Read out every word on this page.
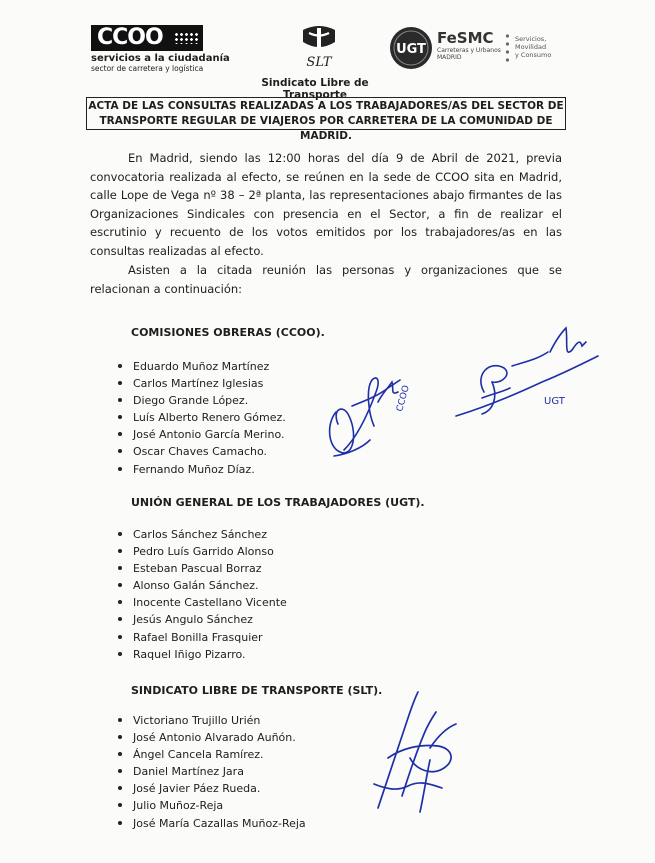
CCOO
servicios a la ciudadanía
sector de carretera y logística	SLT
Sindicato Libre de Transporte
UGT
FeSMC
Carreteras y Urbanos
MADRID
Servicios,
Movilidad
y Consumo
ACTA DE LAS CONSULTAS REALIZADAS A LOS TRABAJADORES/AS DEL SECTOR DE
TRANSPORTE REGULAR DE VIAJEROS POR CARRETERA DE LA COMUNIDAD DE MADRID.
En Madrid, siendo las 12:00 horas del día 9 de Abril de 2021, previa convocatoria realizada al efecto, se reúnen en la sede de CCOO sita en Madrid, calle Lope de Vega nº 38 – 2ª planta, las representaciones abajo firmantes de las Organizaciones Sindicales con presencia en el Sector, a fin de realizar el escrutinio y recuento de los votos emitidos por los trabajadores/as en las consultas realizadas al efecto.
Asisten a la citada reunión las personas y organizaciones que se relacionan a continuación:
COMISIONES OBRERAS (CCOO).
Eduardo Muñoz Martínez
Carlos Martínez Iglesias
Diego Grande López.
Luís Alberto Renero Gómez.
José Antonio García Merino.
Oscar Chaves Camacho.
Fernando Muñoz Díaz.
UNIÓN GENERAL DE LOS TRABAJADORES (UGT).
Carlos Sánchez Sánchez
Pedro Luís Garrido Alonso
Esteban Pascual Borraz
Alonso Galán Sánchez.
Inocente Castellano Vicente
Jesús Angulo Sánchez
Rafael Bonilla Frasquier
Raquel Iñigo Pizarro.
SINDICATO LIBRE DE TRANSPORTE (SLT).
Victoriano Trujillo Urién
José Antonio Alvarado Auñón.
Ángel Cancela Ramírez.
Daniel Martínez Jara
José Javier Páez Rueda.
Julio Muñoz-Reja
José María Cazallas Muñoz-Reja
CCOO	UGT
